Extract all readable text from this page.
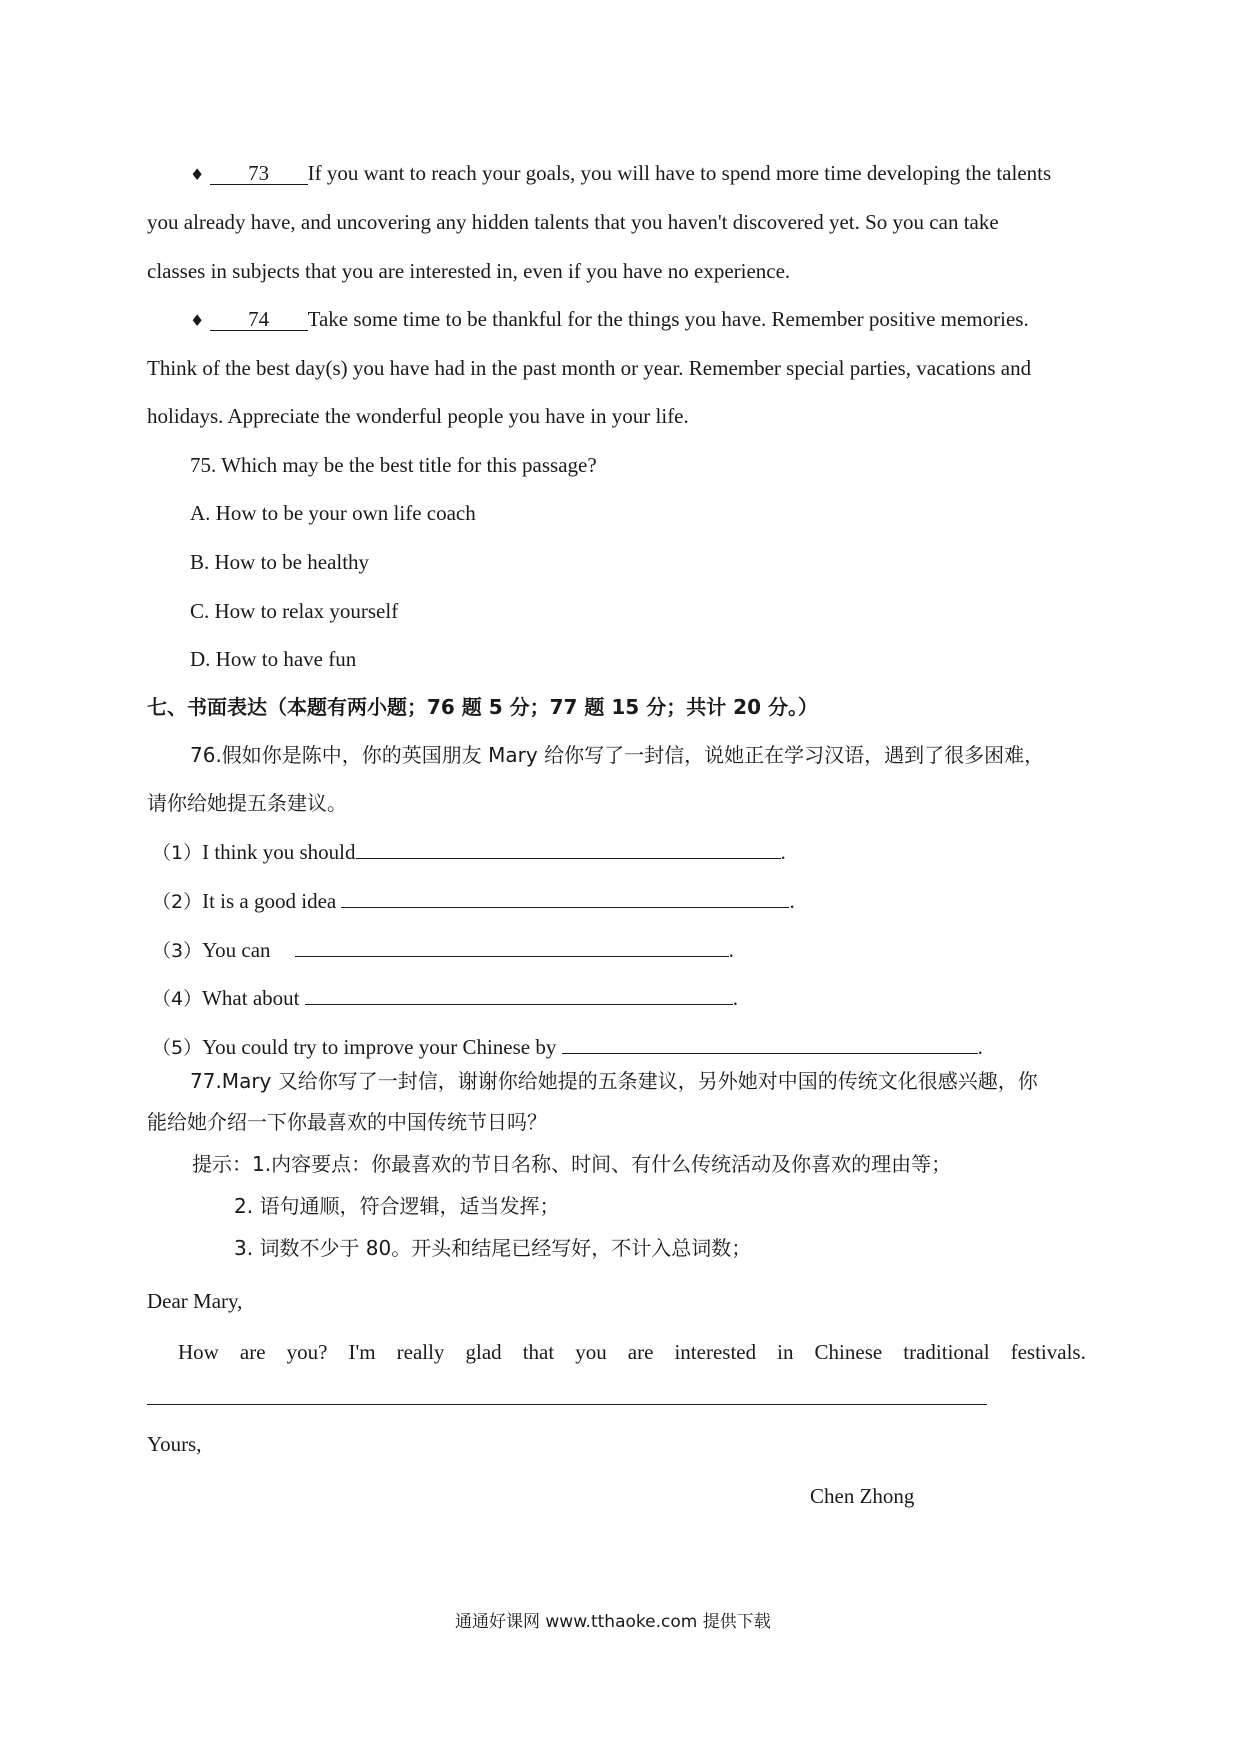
♦ 73 If you want to reach your goals, you will have to spend more time developing the talents
you already have, and uncovering any hidden talents that you haven't discovered yet. So you can take
classes in subjects that you are interested in, even if you have no experience.
♦ 74 Take some time to be thankful for the things you have. Remember positive memories.
Think of the best day(s) you have had in the past month or year. Remember special parties, vacations and
holidays. Appreciate the wonderful people you have in your life.
75. Which may be the best title for this passage?
A. How to be your own life coach
B. How to be healthy
C. How to relax yourself
D. How to have fun
七、书面表达（本题有两小题；76 题 5 分；77 题 15 分；共计 20 分。）
76.假如你是陈中，你的英国朋友 Mary 给你写了一封信，说她正在学习汉语，遇到了很多困难，
请你给她提五条建议。
（1）I think you should	.
（2）It is a good idea	.
（3）You can	.
（4）What about	.
（5）You could try to improve your Chinese by	.
77.Mary 又给你写了一封信，谢谢你给她提的五条建议，另外她对中国的传统文化很感兴趣，你
能给她介绍一下你最喜欢的中国传统节日吗？
提示：1.内容要点：你最喜欢的节日名称、时间、有什么传统活动及你喜欢的理由等；
2. 语句通顺，符合逻辑，适当发挥；
3. 词数不少于 80。开头和结尾已经写好，不计入总词数；
Dear Mary,
How are you? I'm really glad that you are interested in Chinese traditional festivals.
Yours,
Chen Zhong
通通好课网 www.tthaoke.com 提供下载
